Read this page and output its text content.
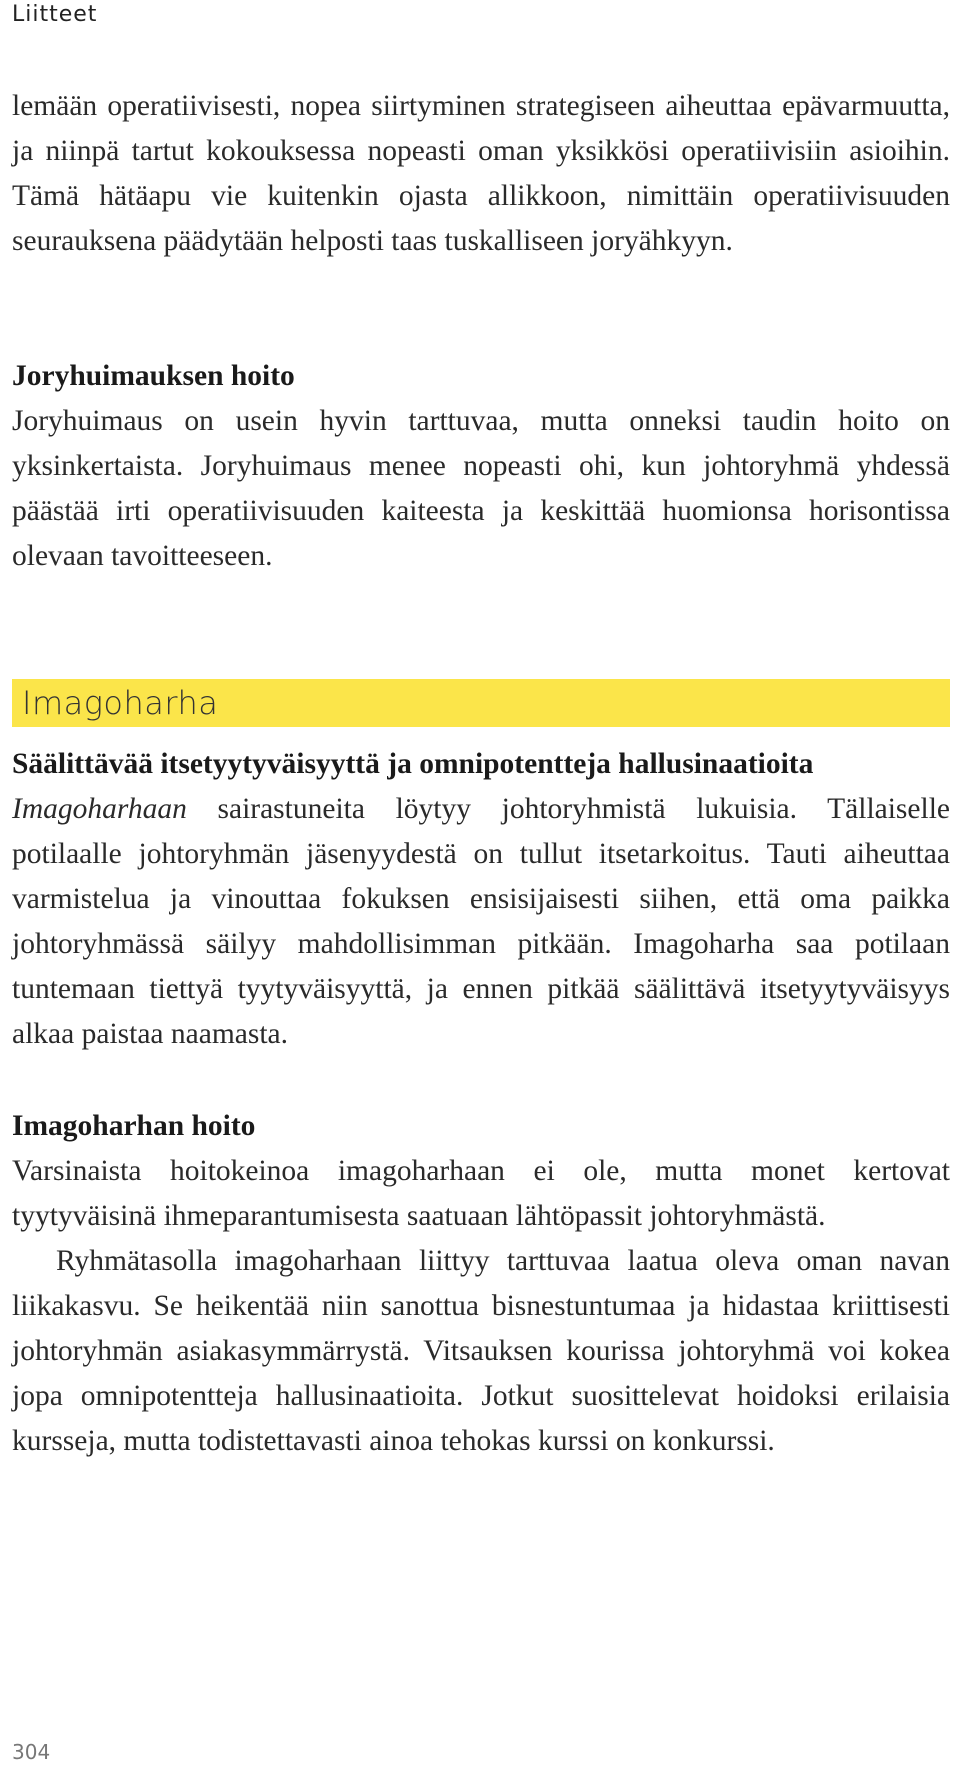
Liitteet

lemään operatiivisesti, nopea siirtyminen strategiseen aiheuttaa epävarmuutta, ja niinpä tartut kokouksessa nopeasti oman yksikkösi operatiivisiin asioihin. Tämä hätäapu vie kuitenkin ojasta allikkoon, nimittäin operatiivisuuden seurauksena päädytään helposti taas tuskalliseen joryähkyyn.

Joryhuimauksen hoito

Joryhuimaus on usein hyvin tarttuvaa, mutta onneksi taudin hoito on yksinkertaista. Joryhuimaus menee nopeasti ohi, kun johtoryhmä yhdessä päästää irti operatiivisuuden kaiteesta ja keskittää huomionsa horisontissa olevaan tavoitteeseen.

Imagoharha

Säälittävää itsetyytyväisyyttä ja omnipotentteja hallusinaatioita

Imagoharhaan sairastuneita löytyy johtoryhmistä lukuisia. Tällaiselle potilaalle johtoryhmän jäsenyydestä on tullut itsetarkoitus. Tauti aiheuttaa varmistelua ja vinouttaa fokuksen ensisijaisesti siihen, että oma paikka johtoryhmässä säilyy mahdollisimman pitkään. Imagoharha saa potilaan tuntemaan tiettyä tyytyväisyyttä, ja ennen pitkää säälittävä itsetyytyväisyys alkaa paistaa naamasta.

Imagoharhan hoito

Varsinaista hoitokeinoa imagoharhaan ei ole, mutta monet kertovat tyytyväisinä ihmeparantumisesta saatuaan lähtöpassit johtoryhmästä.

Ryhmätasolla imagoharhaan liittyy tarttuvaa laatua oleva oman navan liikakasvu. Se heikentää niin sanottua bisnestuntumaa ja hidastaa kriittisesti johtoryhmän asiakasymmärrystä. Vitsauksen kourissa johtoryhmä voi kokea jopa omnipotentteja hallusinaatioita. Jotkut suosittelevat hoidoksi erilaisia kursseja, mutta todistettavasti ainoa tehokas kurssi on konkurssi.

304
